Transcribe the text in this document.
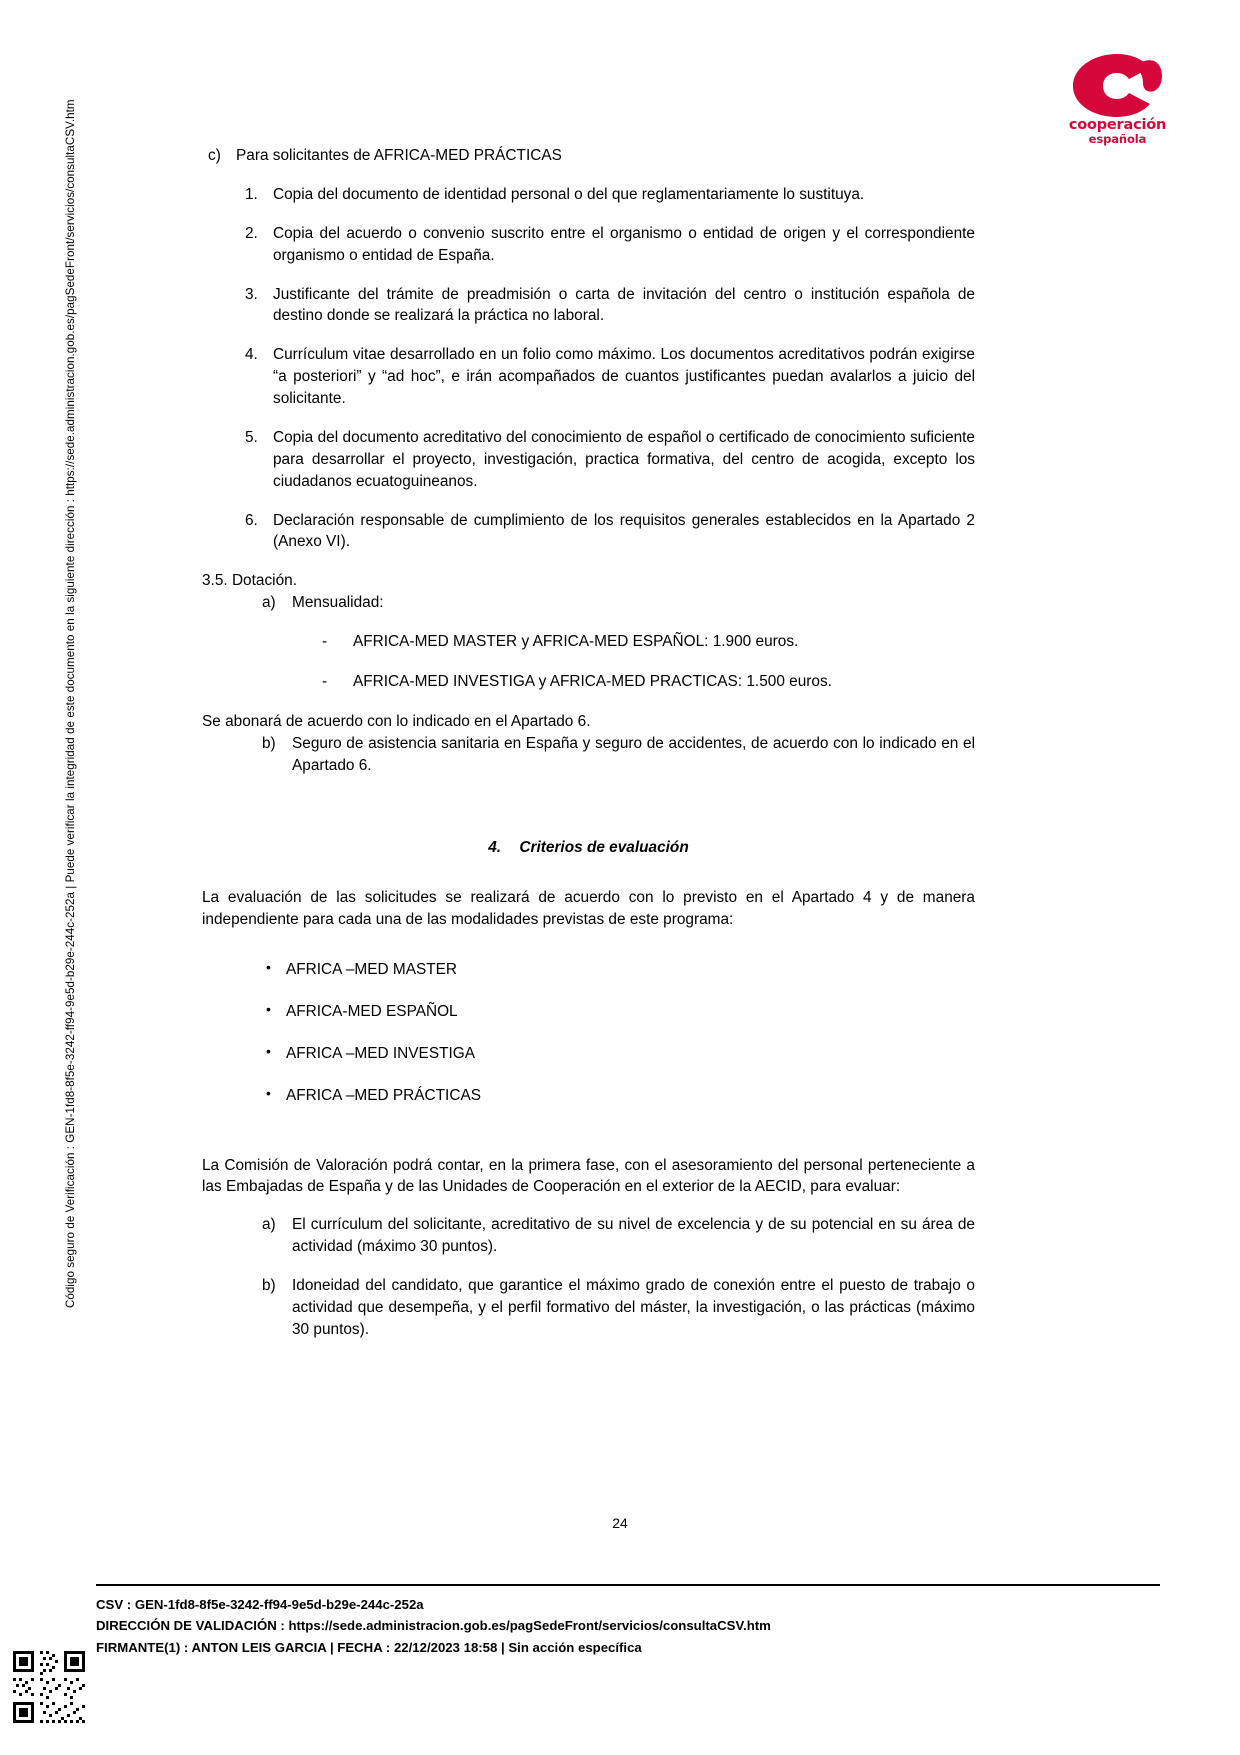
cooperación
española
Código seguro de Verificación : GEN-1fd8-8f5e-3242-ff94-9e5d-b29e-244c-252a | Puede verificar la integridad de este documento en la siguiente dirección : https://sede.administracion.gob.es/pagSedeFront/servicios/consultaCSV.htm	c) Para solicitantes de AFRICA-MED PRÁCTICAS
1. Copia del documento de identidad personal o del que reglamentariamente lo sustituya.
2. Copia del acuerdo o convenio suscrito entre el organismo o entidad de origen y el correspondiente organismo o entidad de España.
3. Justificante del trámite de preadmisión o carta de invitación del centro o institución española de destino donde se realizará la práctica no laboral.
4. Currículum vitae desarrollado en un folio como máximo. Los documentos acreditativos podrán exigirse “a posteriori” y “ad hoc”, e irán acompañados de cuantos justificantes puedan avalarlos a juicio del solicitante.
5. Copia del documento acreditativo del conocimiento de español o certificado de conocimiento suficiente para desarrollar el proyecto, investigación, practica formativa, del centro de acogida, excepto los ciudadanos ecuatoguineanos.
6. Declaración responsable de cumplimiento de los requisitos generales establecidos en la Apartado 2 (Anexo VI).

3.5. Dotación.

a)	Mensualidad:
-	AFRICA-MED MASTER y AFRICA-MED ESPAÑOL: 1.900 euros.
-	AFRICA-MED INVESTIGA y AFRICA-MED PRACTICAS: 1.500 euros.

Se abonará de acuerdo con lo indicado en el Apartado 6.

b)	Seguro de asistencia sanitaria en España y seguro de accidentes, de acuerdo con lo indicado en el Apartado 6.

4. Criterios de evaluación

La evaluación de las solicitudes se realizará de acuerdo con lo previsto en el Apartado 4 y de manera independiente para cada una de las modalidades previstas de este programa:

• AFRICA –MED MASTER
• AFRICA-MED ESPAÑOL
• AFRICA –MED INVESTIGA
• AFRICA –MED PRÁCTICAS

La Comisión de Valoración podrá contar, en la primera fase, con el asesoramiento del personal perteneciente a las Embajadas de España y de las Unidades de Cooperación en el exterior de la AECID, para evaluar:

a)	El currículum del solicitante, acreditativo de su nivel de excelencia y de su potencial en su área de actividad (máximo 30 puntos).
b)	Idoneidad del candidato, que garantice el máximo grado de conexión entre el puesto de trabajo o actividad que desempeña, y el perfil formativo del máster, la investigación, o las prácticas (máximo 30 puntos).
24
CSV : GEN-1fd8-8f5e-3242-ff94-9e5d-b29e-244c-252a
DIRECCIÓN DE VALIDACIÓN : https://sede.administracion.gob.es/pagSedeFront/servicios/consultaCSV.htm
FIRMANTE(1) : ANTON LEIS GARCIA | FECHA : 22/12/2023 18:58 | Sin acción específica
